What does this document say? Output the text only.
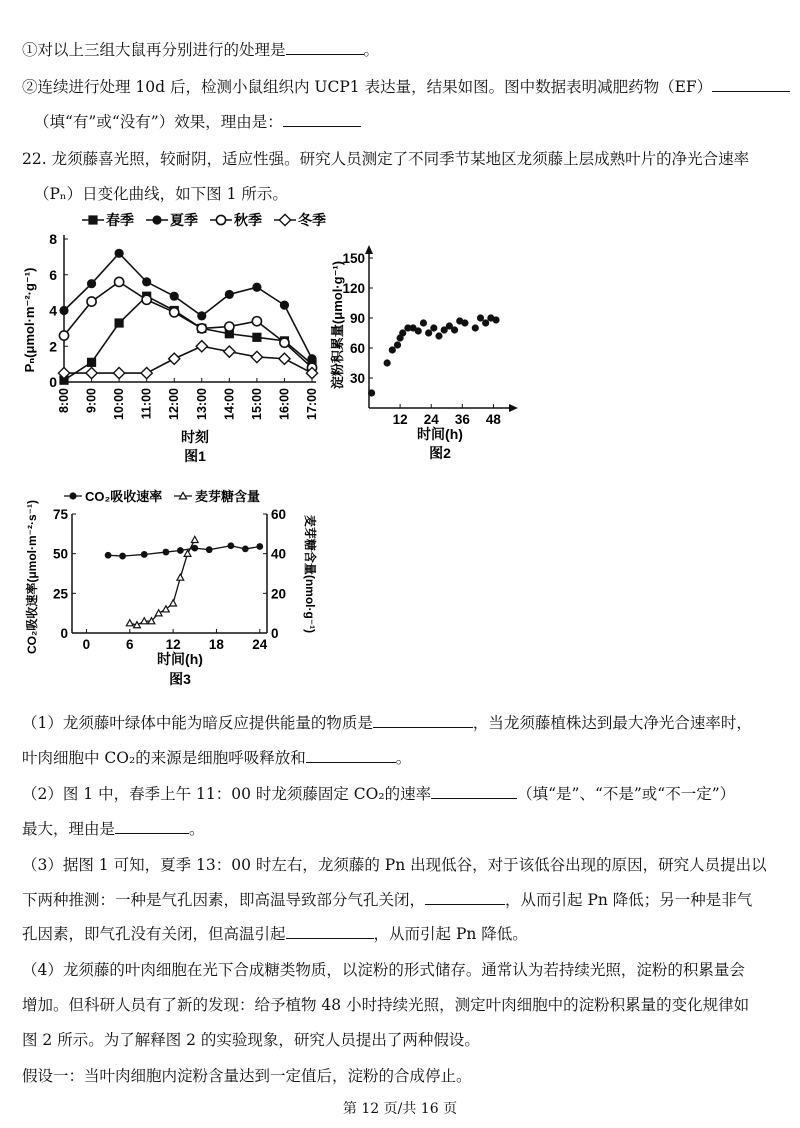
①对以上三组大鼠再分别进行的处理是	。
②连续进行处理 10d 后，检测小鼠组织内 UCP1 表达量，结果如图。图中数据表明减肥药物（EF）
（填“有”或“没有”）效果，理由是：
22. 龙须藤喜光照，较耐阴，适应性强。研究人员测定了不同季节某地区龙须藤上层成熟叶片的净光合速率
（Pₙ）日变化曲线，如下图 1 所示。
春季	夏季	秋季	冬季
0
2
4
6
8
8:00 9:00 10:00 11:00 12:00 13:00 14:00 15:00 16:00 17:00
Pₙ(μmol·m⁻²·g⁻¹)
时刻
图1
30
60
90
120
150
12 24 36 48
淀粉积累量(μmol·g⁻¹)
时间(h)
图2
CO₂吸收速率	麦芽糖含量
0
25
50
75
0
20
40
60
0	6 12 18 24
CO₂吸收速率(μmol·m⁻²·s⁻¹)	麦芽糖含量(nmol·g⁻¹)
时间(h)
图3
（1）龙须藤叶绿体中能为暗反应提供能量的物质是	，当龙须藤植株达到最大净光合速率时，
叶肉细胞中 CO₂的来源是细胞呼吸释放和	。
（2）图 1 中，春季上午 11：00 时龙须藤固定 CO₂的速率	（填“是”、“不是”或“不一定”）
最大，理由是	。
（3）据图 1 可知，夏季 13：00 时左右，龙须藤的 Pn 出现低谷，对于该低谷出现的原因，研究人员提出以
下两种推测：一种是气孔因素，即高温导致部分气孔关闭，	，从而引起 Pn 降低；另一种是非气
孔因素，即气孔没有关闭，但高温引起	，从而引起 Pn 降低。
（4）龙须藤的叶肉细胞在光下合成糖类物质，以淀粉的形式储存。通常认为若持续光照，淀粉的积累量会
增加。但科研人员有了新的发现：给予植物 48 小时持续光照，测定叶肉细胞中的淀粉积累量的变化规律如
图 2 所示。为了解释图 2 的实验现象，研究人员提出了两种假设。
假设一：当叶肉细胞内淀粉含量达到一定值后，淀粉的合成停止。
第 12 页/共 16 页
